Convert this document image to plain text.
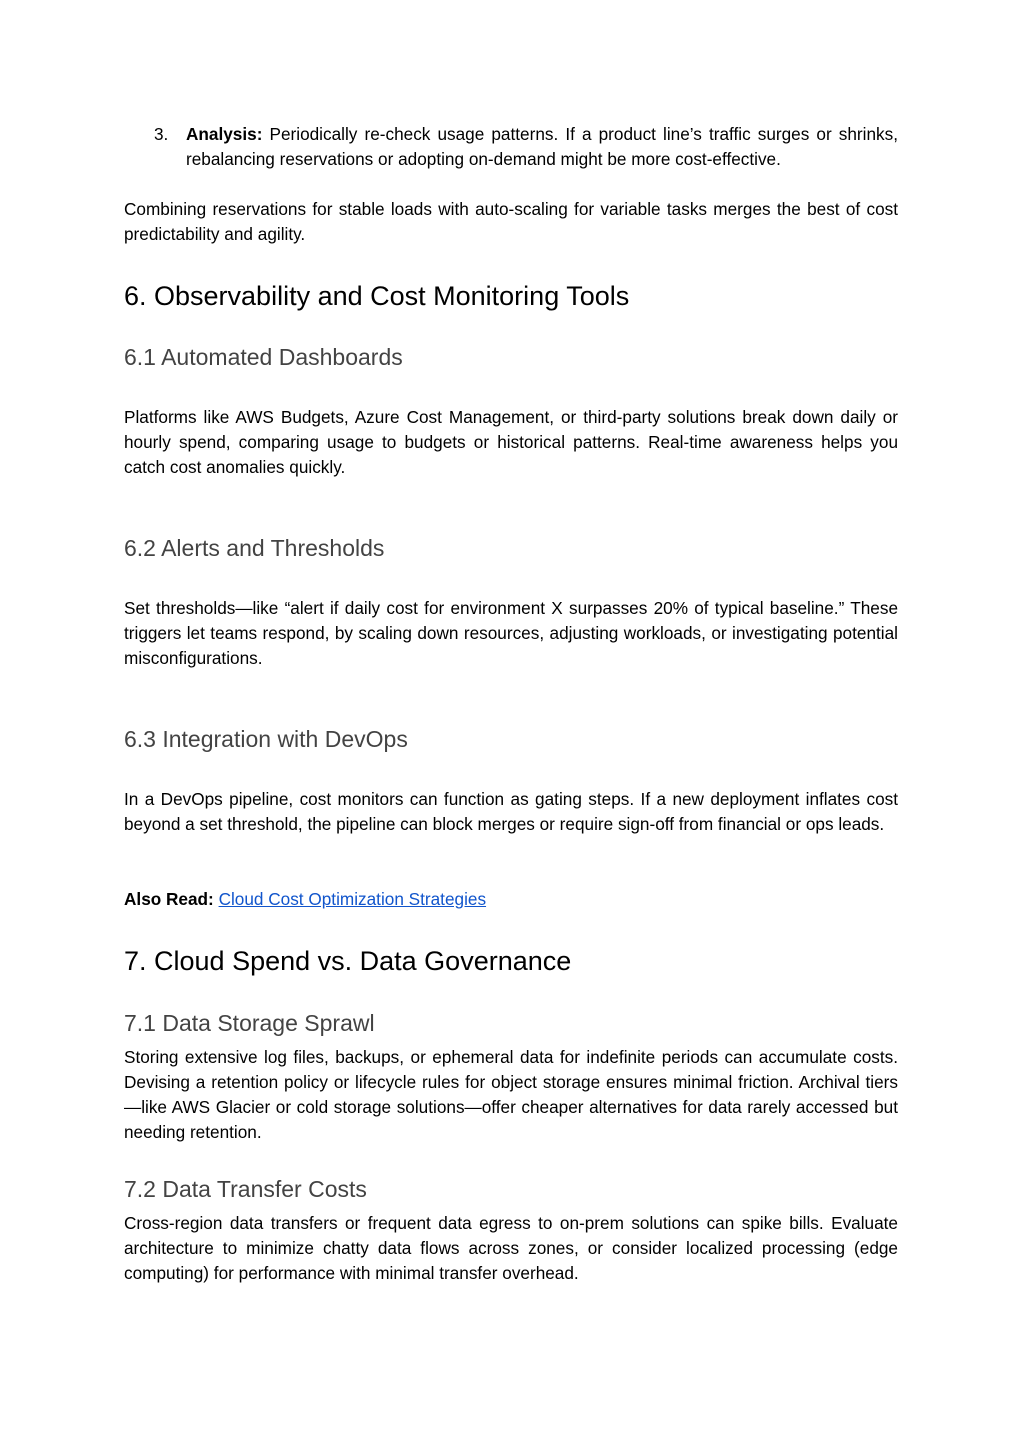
3. Analysis: Periodically re-check usage patterns. If a product line’s traffic surges or shrinks, rebalancing reservations or adopting on-demand might be more cost-effective.

Combining reservations for stable loads with auto-scaling for variable tasks merges the best of cost predictability and agility.

6. Observability and Cost Monitoring Tools
6.1 Automated Dashboards

Platforms like AWS Budgets, Azure Cost Management, or third-party solutions break down daily or hourly spend, comparing usage to budgets or historical patterns. Real-time awareness helps you catch cost anomalies quickly.

6.2 Alerts and Thresholds

Set thresholds—like “alert if daily cost for environment X surpasses 20% of typical baseline.” These triggers let teams respond, by scaling down resources, adjusting workloads, or investigating potential misconfigurations.

6.3 Integration with DevOps

In a DevOps pipeline, cost monitors can function as gating steps. If a new deployment inflates cost beyond a set threshold, the pipeline can block merges or require sign-off from financial or ops leads.

Also Read: Cloud Cost Optimization Strategies

7. Cloud Spend vs. Data Governance
7.1 Data Storage Sprawl

Storing extensive log files, backups, or ephemeral data for indefinite periods can accumulate costs. Devising a retention policy or lifecycle rules for object storage ensures minimal friction. Archival tiers—like AWS Glacier or cold storage solutions—offer cheaper alternatives for data rarely accessed but needing retention.

7.2 Data Transfer Costs

Cross-region data transfers or frequent data egress to on-prem solutions can spike bills. Evaluate architecture to minimize chatty data flows across zones, or consider localized processing (edge computing) for performance with minimal transfer overhead.
